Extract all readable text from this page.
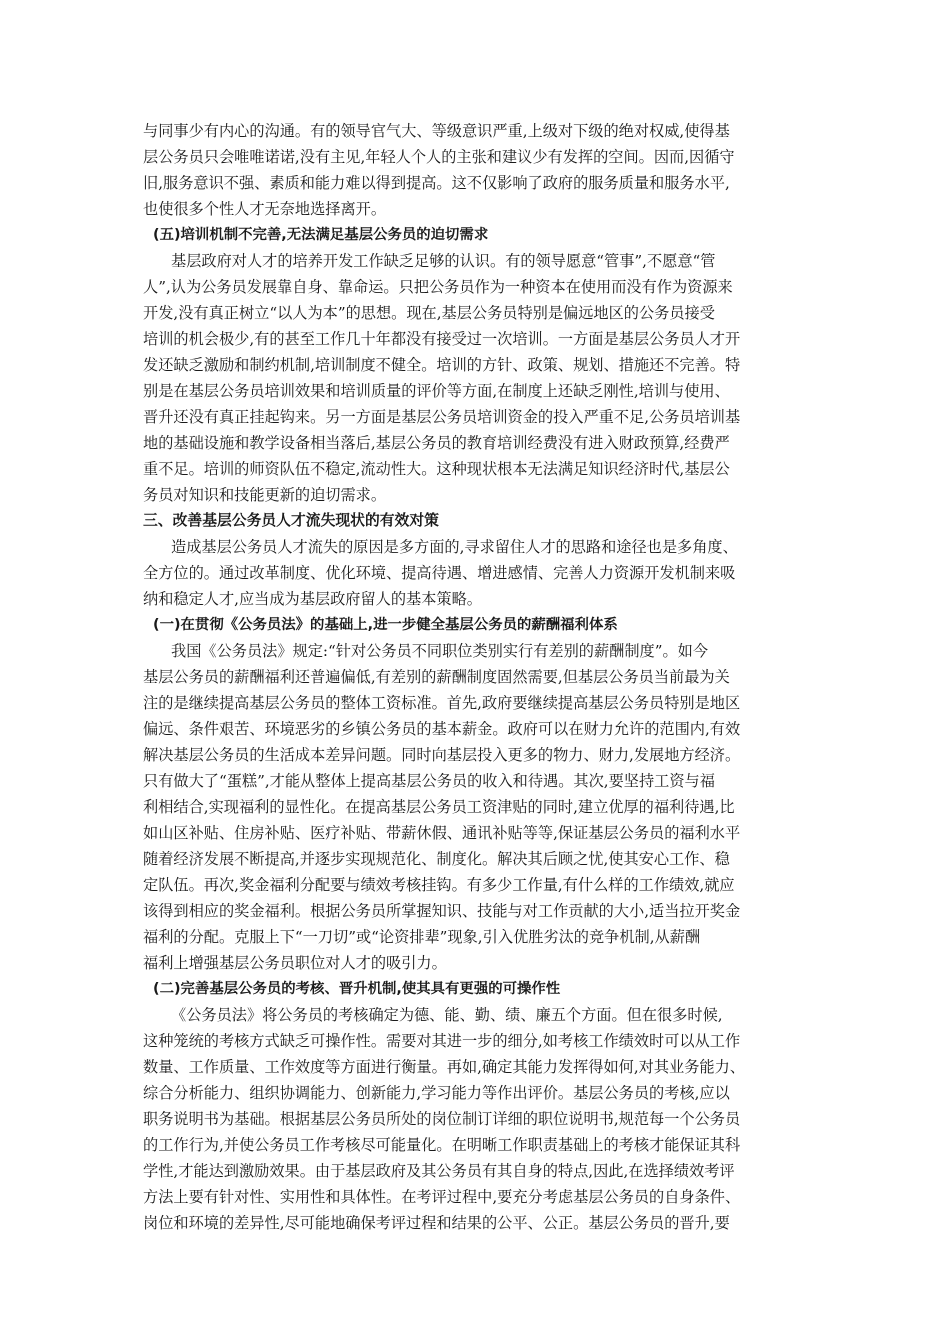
与同事少有内心的沟通。有的领导官气大、等级意识严重,上级对下级的绝对权威,使得基
层公务员只会唯唯诺诺,没有主见,年轻人个人的主张和建议少有发挥的空间。因而,因循守
旧,服务意识不强、素质和能力难以得到提高。这不仅影响了政府的服务质量和服务水平,
也使很多个性人才无奈地选择离开。
(五)培训机制不完善,无法满足基层公务员的迫切需求
基层政府对人才的培养开发工作缺乏足够的认识。有的领导愿意“管事”,不愿意“管
人”,认为公务员发展靠自身、靠命运。只把公务员作为一种资本在使用而没有作为资源来
开发,没有真正树立“以人为本”的思想。现在,基层公务员特别是偏远地区的公务员接受
培训的机会极少,有的甚至工作几十年都没有接受过一次培训。一方面是基层公务员人才开
发还缺乏激励和制约机制,培训制度不健全。培训的方针、政策、规划、措施还不完善。特
别是在基层公务员培训效果和培训质量的评价等方面,在制度上还缺乏刚性,培训与使用、
晋升还没有真正挂起钩来。另一方面是基层公务员培训资金的投入严重不足,公务员培训基
地的基础设施和教学设备相当落后,基层公务员的教育培训经费没有进入财政预算,经费严
重不足。培训的师资队伍不稳定,流动性大。这种现状根本无法满足知识经济时代,基层公
务员对知识和技能更新的迫切需求。
三、改善基层公务员人才流失现状的有效对策
造成基层公务员人才流失的原因是多方面的,寻求留住人才的思路和途径也是多角度、
全方位的。通过改革制度、优化环境、提高待遇、增进感情、完善人力资源开发机制来吸
纳和稳定人才,应当成为基层政府留人的基本策略。
(一)在贯彻《公务员法》的基础上,进一步健全基层公务员的薪酬福利体系
我国《公务员法》规定:“针对公务员不同职位类别实行有差别的薪酬制度”。如今
基层公务员的薪酬福利还普遍偏低,有差别的薪酬制度固然需要,但基层公务员当前最为关
注的是继续提高基层公务员的整体工资标准。首先,政府要继续提高基层公务员特别是地区
偏远、条件艰苦、环境恶劣的乡镇公务员的基本薪金。政府可以在财力允许的范围内,有效
解决基层公务员的生活成本差异问题。同时向基层投入更多的物力、财力,发展地方经济。
只有做大了“蛋糕”,才能从整体上提高基层公务员的收入和待遇。其次,要坚持工资与福
利相结合,实现福利的显性化。在提高基层公务员工资津贴的同时,建立优厚的福利待遇,比
如山区补贴、住房补贴、医疗补贴、带薪休假、通讯补贴等等,保证基层公务员的福利水平
随着经济发展不断提高,并逐步实现规范化、制度化。解决其后顾之忧,使其安心工作、稳
定队伍。再次,奖金福利分配要与绩效考核挂钩。有多少工作量,有什么样的工作绩效,就应
该得到相应的奖金福利。根据公务员所掌握知识、技能与对工作贡献的大小,适当拉开奖金
福利的分配。克服上下“一刀切”或“论资排辈”现象,引入优胜劣汰的竞争机制,从薪酬
福利上增强基层公务员职位对人才的吸引力。
(二)完善基层公务员的考核、晋升机制,使其具有更强的可操作性
《公务员法》将公务员的考核确定为德、能、勤、绩、廉五个方面。但在很多时候,
这种笼统的考核方式缺乏可操作性。需要对其进一步的细分,如考核工作绩效时可以从工作
数量、工作质量、工作效度等方面进行衡量。再如,确定其能力发挥得如何,对其业务能力、
综合分析能力、组织协调能力、创新能力,学习能力等作出评价。基层公务员的考核,应以
职务说明书为基础。根据基层公务员所处的岗位制订详细的职位说明书,规范每一个公务员
的工作行为,并使公务员工作考核尽可能量化。在明晰工作职责基础上的考核才能保证其科
学性,才能达到激励效果。由于基层政府及其公务员有其自身的特点,因此,在选择绩效考评
方法上要有针对性、实用性和具体性。在考评过程中,要充分考虑基层公务员的自身条件、
岗位和环境的差异性,尽可能地确保考评过程和结果的公平、公正。基层公务员的晋升,要
